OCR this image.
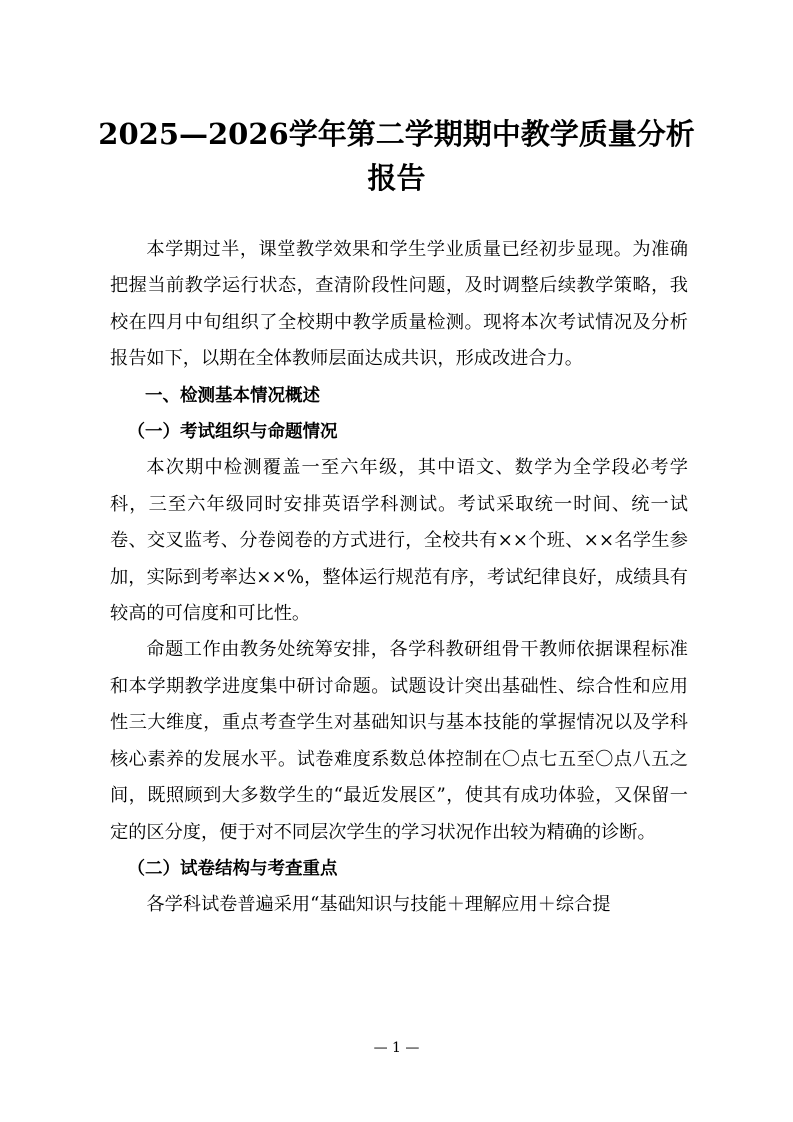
2025—2026学年第二学期期中教学质量分析报告

本学期过半，课堂教学效果和学生学业质量已经初步显现。为准确把握当前教学运行状态，查清阶段性问题，及时调整后续教学策略，我校在四月中旬组织了全校期中教学质量检测。现将本次考试情况及分析报告如下，以期在全体教师层面达成共识，形成改进合力。

一、检测基本情况概述

（一）考试组织与命题情况

本次期中检测覆盖一至六年级，其中语文、数学为全学段必考学科，三至六年级同时安排英语学科测试。考试采取统一时间、统一试卷、交叉监考、分卷阅卷的方式进行，全校共有××个班、××名学生参加，实际到考率达××%，整体运行规范有序，考试纪律良好，成绩具有较高的可信度和可比性。

命题工作由教务处统筹安排，各学科教研组骨干教师依据课程标准和本学期教学进度集中研讨命题。试题设计突出基础性、综合性和应用性三大维度，重点考查学生对基础知识与基本技能的掌握情况以及学科核心素养的发展水平。试卷难度系数总体控制在〇点七五至〇点八五之间，既照顾到大多数学生的“最近发展区”，使其有成功体验，又保留一定的区分度，便于对不同层次学生的学习状况作出较为精确的诊断。

（二）试卷结构与考查重点

各学科试卷普遍采用“基础知识与技能＋理解应用＋综合提

— 1 —
